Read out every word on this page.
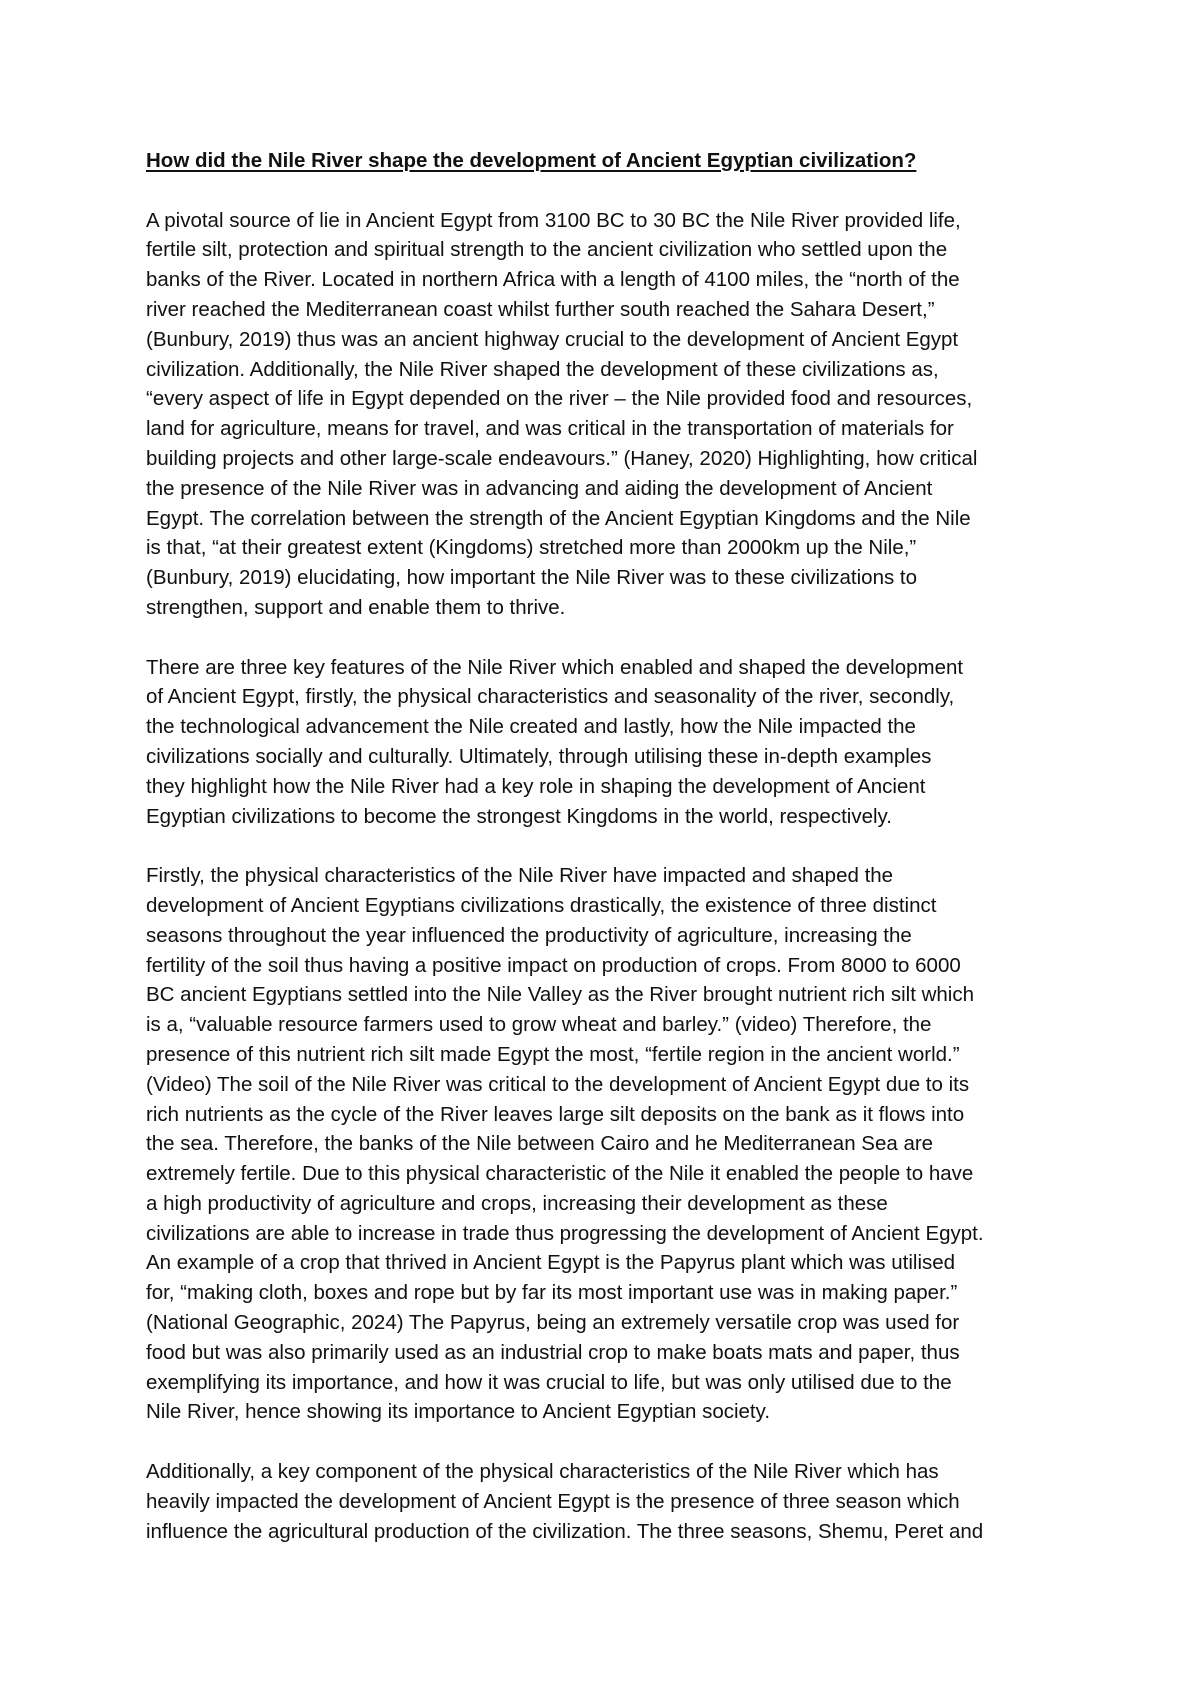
How did the Nile River shape the development of Ancient Egyptian civilization?

A pivotal source of lie in Ancient Egypt from 3100 BC to 30 BC the Nile River provided life,
fertile silt, protection and spiritual strength to the ancient civilization who settled upon the
banks of the River. Located in northern Africa with a length of 4100 miles, the “north of the
river reached the Mediterranean coast whilst further south reached the Sahara Desert,”
(Bunbury, 2019) thus was an ancient highway crucial to the development of Ancient Egypt
civilization. Additionally, the Nile River shaped the development of these civilizations as,
“every aspect of life in Egypt depended on the river – the Nile provided food and resources,
land for agriculture, means for travel, and was critical in the transportation of materials for
building projects and other large-scale endeavours.” (Haney, 2020) Highlighting, how critical
the presence of the Nile River was in advancing and aiding the development of Ancient
Egypt. The correlation between the strength of the Ancient Egyptian Kingdoms and the Nile
is that, “at their greatest extent (Kingdoms) stretched more than 2000km up the Nile,”
(Bunbury, 2019) elucidating, how important the Nile River was to these civilizations to
strengthen, support and enable them to thrive.

There are three key features of the Nile River which enabled and shaped the development
of Ancient Egypt, firstly, the physical characteristics and seasonality of the river, secondly,
the technological advancement the Nile created and lastly, how the Nile impacted the
civilizations socially and culturally. Ultimately, through utilising these in-depth examples
they highlight how the Nile River had a key role in shaping the development of Ancient
Egyptian civilizations to become the strongest Kingdoms in the world, respectively.

Firstly, the physical characteristics of the Nile River have impacted and shaped the
development of Ancient Egyptians civilizations drastically, the existence of three distinct
seasons throughout the year influenced the productivity of agriculture, increasing the
fertility of the soil thus having a positive impact on production of crops. From 8000 to 6000
BC ancient Egyptians settled into the Nile Valley as the River brought nutrient rich silt which
is a, “valuable resource farmers used to grow wheat and barley.” (video) Therefore, the
presence of this nutrient rich silt made Egypt the most, “fertile region in the ancient world.”
(Video) The soil of the Nile River was critical to the development of Ancient Egypt due to its
rich nutrients as the cycle of the River leaves large silt deposits on the bank as it flows into
the sea. Therefore, the banks of the Nile between Cairo and he Mediterranean Sea are
extremely fertile. Due to this physical characteristic of the Nile it enabled the people to have
a high productivity of agriculture and crops, increasing their development as these
civilizations are able to increase in trade thus progressing the development of Ancient Egypt.
An example of a crop that thrived in Ancient Egypt is the Papyrus plant which was utilised
for, “making cloth, boxes and rope but by far its most important use was in making paper.”
(National Geographic, 2024) The Papyrus, being an extremely versatile crop was used for
food but was also primarily used as an industrial crop to make boats mats and paper, thus
exemplifying its importance, and how it was crucial to life, but was only utilised due to the
Nile River, hence showing its importance to Ancient Egyptian society.

Additionally, a key component of the physical characteristics of the Nile River which has
heavily impacted the development of Ancient Egypt is the presence of three season which
influence the agricultural production of the civilization. The three seasons, Shemu, Peret and
